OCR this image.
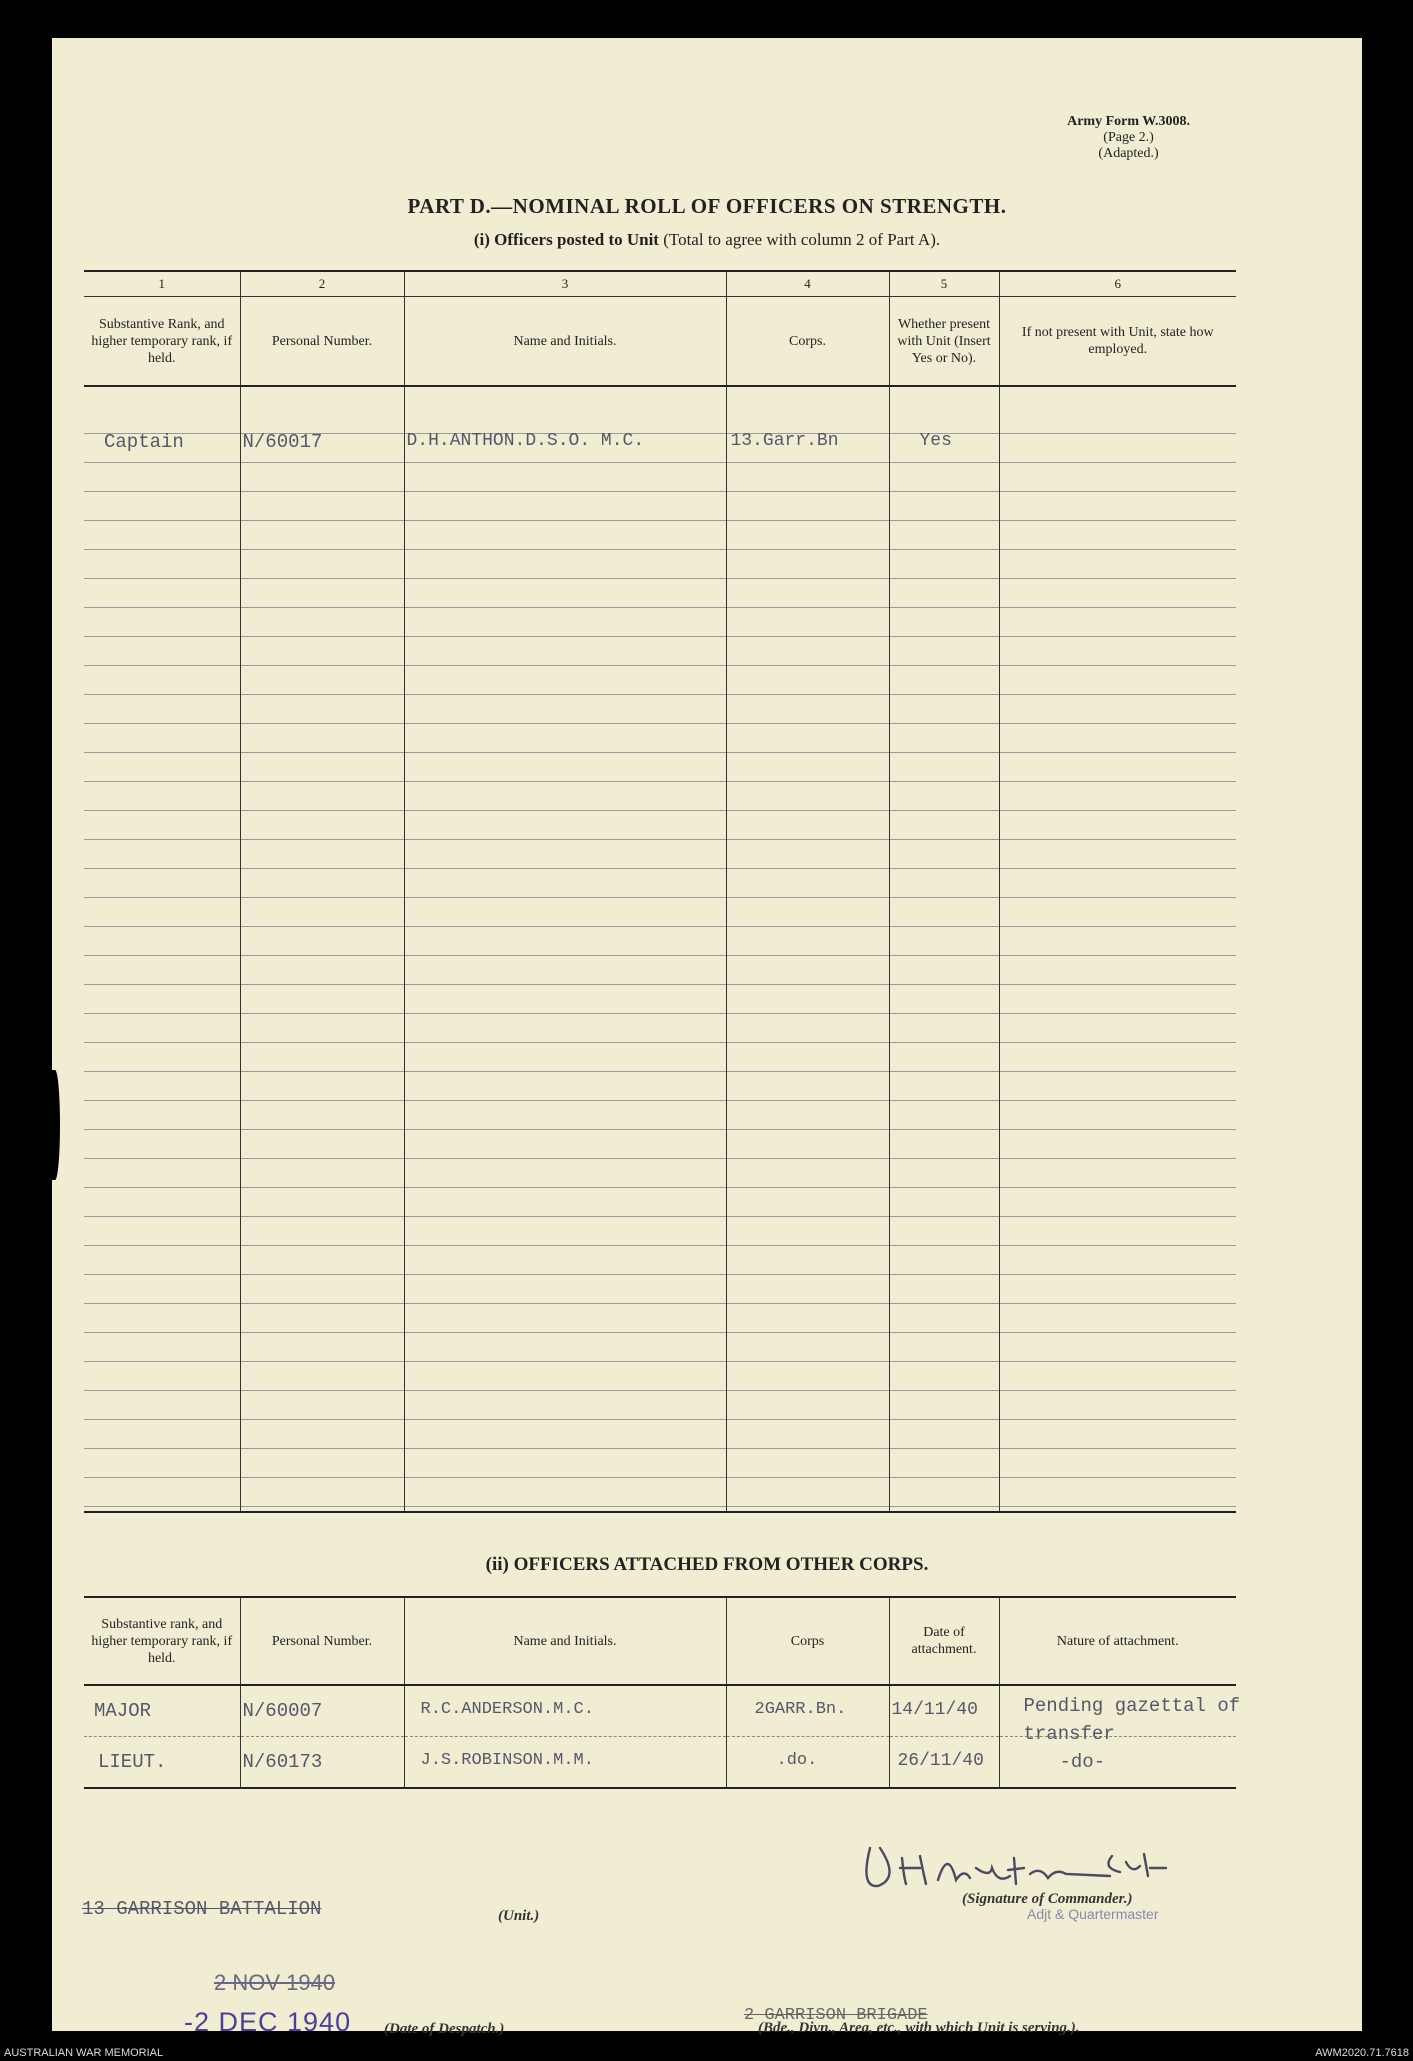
Army Form W.3008.
(Page 2.)
(Adapted.)
PART D.—NOMINAL ROLL OF OFFICERS ON STRENGTH.
(i) Officers posted to Unit (Total to agree with column 2 of Part A).
1	2	3	4	5	6
Substantive Rank, and higher temporary rank, if held.	Personal Number.	Name and Initials.	Corps.	Whether present with Unit (Insert Yes or No).	If not present with Unit, state how employed.

Captain	N/60017	D.H.ANTHON.D.S.O. M.C.	13.Garr.Bn	Yes	

(ii) OFFICERS ATTACHED FROM OTHER CORPS.
Substantive rank, and higher temporary rank, if held.	Personal Number.	Name and Initials.	Corps	Date of attachment.	Nature of attachment.

MAJOR	N/60007	R.C.ANDERSON.M.C.	2GARR.Bn.	14/11/40	Pending gazettal of transfer

LIEUT.	N/60173	J.S.ROBINSON.M.M.	.do.	26/11/40	-do-
13 GARRISON BATTALION	(Unit.)
(Signature of Commander.)
Adjt & Quartermaster
2 NOV 1940
-2 DEC 1940 (Date of Despatch.)
2 GARRISON BRIGADE
(Bde., Divn., Area, etc., with which Unit is serving.).
AUSTRALIAN WAR MEMORIAL	AWM2020.71.7618
